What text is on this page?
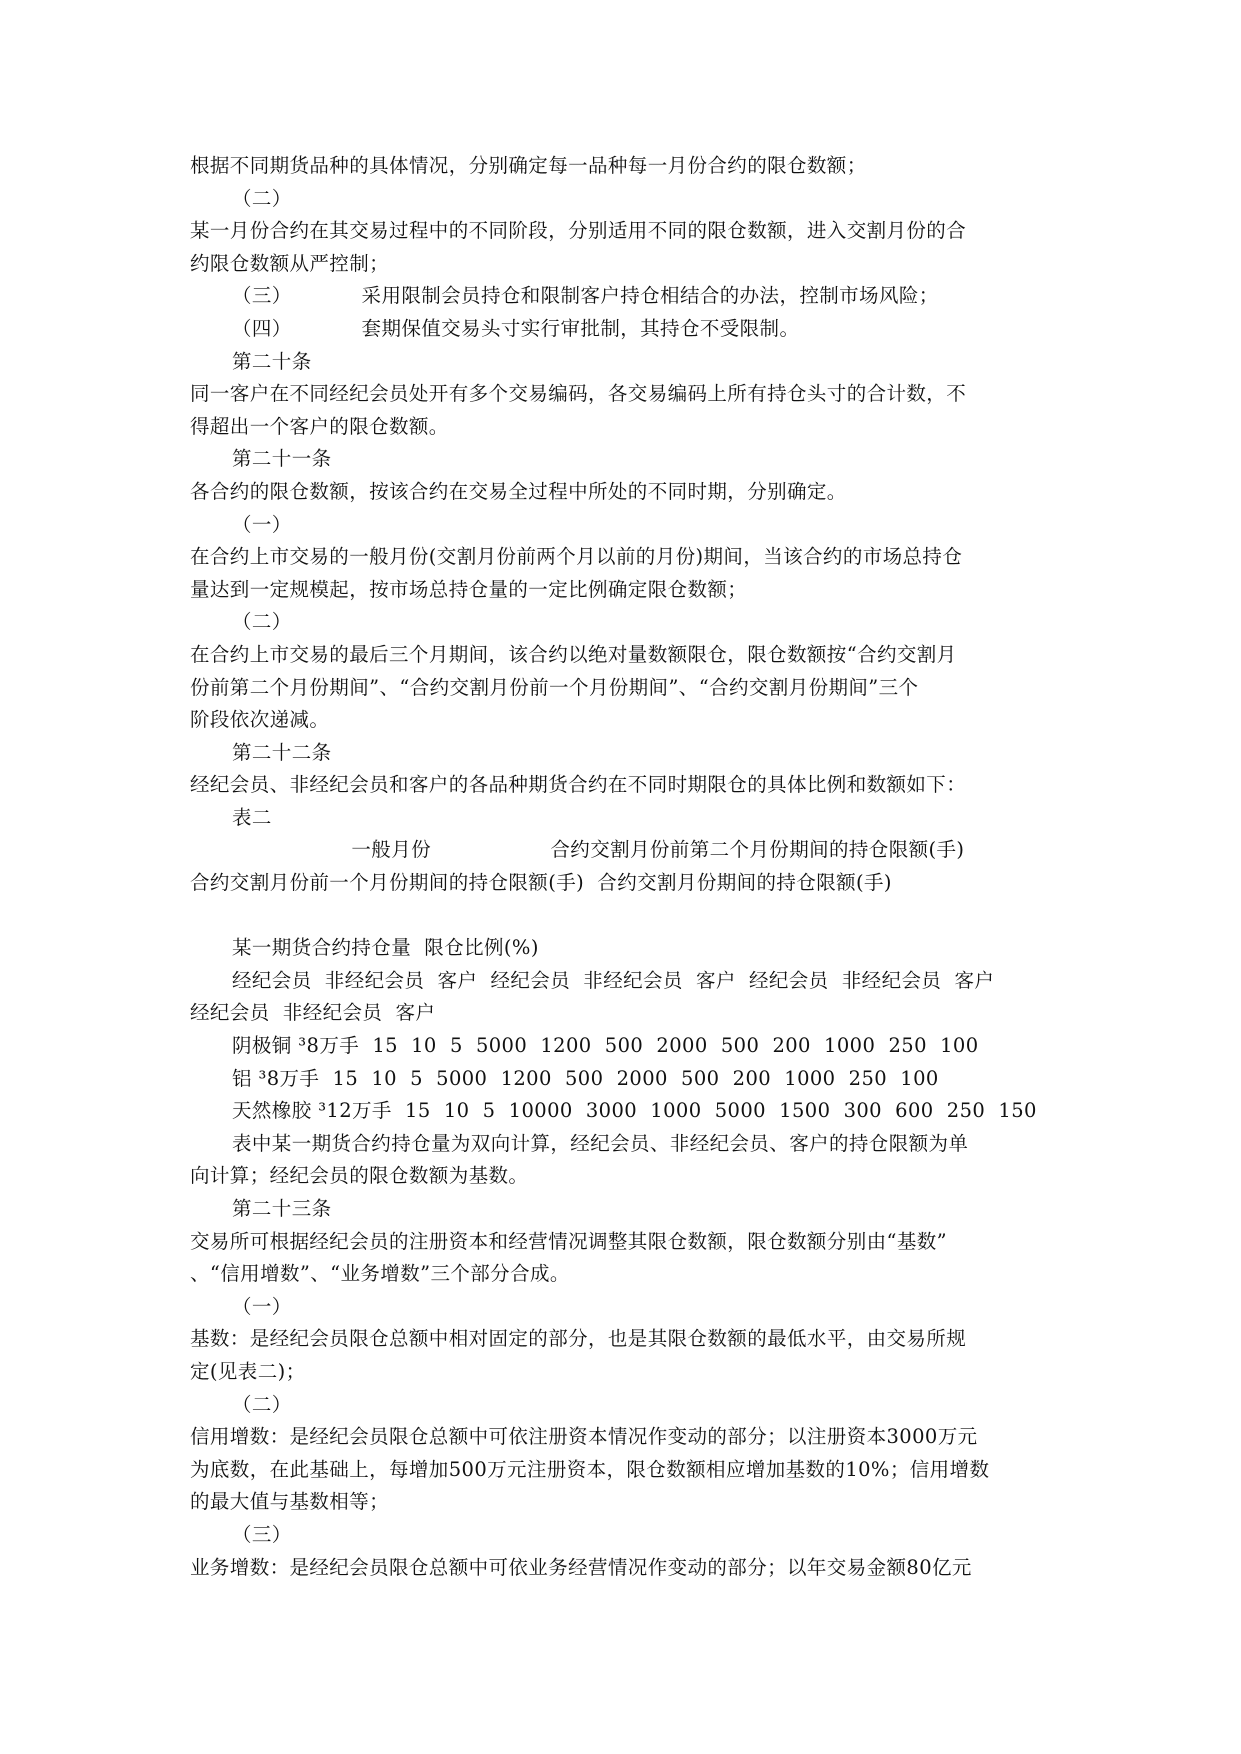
根据不同期货品种的具体情况，分别确定每一品种每一月份合约的限仓数额；
（二）
某一月份合约在其交易过程中的不同阶段，分别适用不同的限仓数额，进入交割月份的合
约限仓数额从严控制；
（三）　　　　采用限制会员持仓和限制客户持仓相结合的办法，控制市场风险；
（四）　　　　套期保值交易头寸实行审批制，其持仓不受限制。
第二十条
同一客户在不同经纪会员处开有多个交易编码，各交易编码上所有持仓头寸的合计数，不
得超出一个客户的限仓数额。
第二十一条
各合约的限仓数额，按该合约在交易全过程中所处的不同时期，分别确定。
（一）
在合约上市交易的一般月份(交割月份前两个月以前的月份)期间，当该合约的市场总持仓
量达到一定规模起，按市场总持仓量的一定比例确定限仓数额；
（二）
在合约上市交易的最后三个月期间，该合约以绝对量数额限仓，限仓数额按“合约交割月
份前第二个月份期间”、“合约交割月份前一个月份期间”、“合约交割月份期间”三个
阶段依次递减。
第二十二条
经纪会员、非经纪会员和客户的各品种期货合约在不同时期限仓的具体比例和数额如下：
表二
　　　　　　一般月份　　　　　　合约交割月份前第二个月份期间的持仓限额(手)
合约交割月份前一个月份期间的持仓限额(手)  合约交割月份期间的持仓限额(手)
某一期货合约持仓量  限仓比例(%)
经纪会员  非经纪会员  客户  经纪会员  非经纪会员  客户  经纪会员  非经纪会员  客户
经纪会员  非经纪会员  客户
阴极铜 ³8万手  15  10  5  5000  1200  500  2000  500  200  1000  250  100
铝 ³8万手  15  10  5  5000  1200  500  2000  500  200  1000  250  100
天然橡胶 ³12万手  15  10  5  10000  3000  1000  5000  1500  300  600  250  150
表中某一期货合约持仓量为双向计算，经纪会员、非经纪会员、客户的持仓限额为单
向计算；经纪会员的限仓数额为基数。
第二十三条
交易所可根据经纪会员的注册资本和经营情况调整其限仓数额，限仓数额分别由“基数”
、“信用增数”、“业务增数”三个部分合成。
（一）
基数：是经纪会员限仓总额中相对固定的部分，也是其限仓数额的最低水平，由交易所规
定(见表二)；
（二）
信用增数：是经纪会员限仓总额中可依注册资本情况作变动的部分；以注册资本3000万元
为底数，在此基础上，每增加500万元注册资本，限仓数额相应增加基数的10%；信用增数
的最大值与基数相等；
（三）
业务增数：是经纪会员限仓总额中可依业务经营情况作变动的部分；以年交易金额80亿元
